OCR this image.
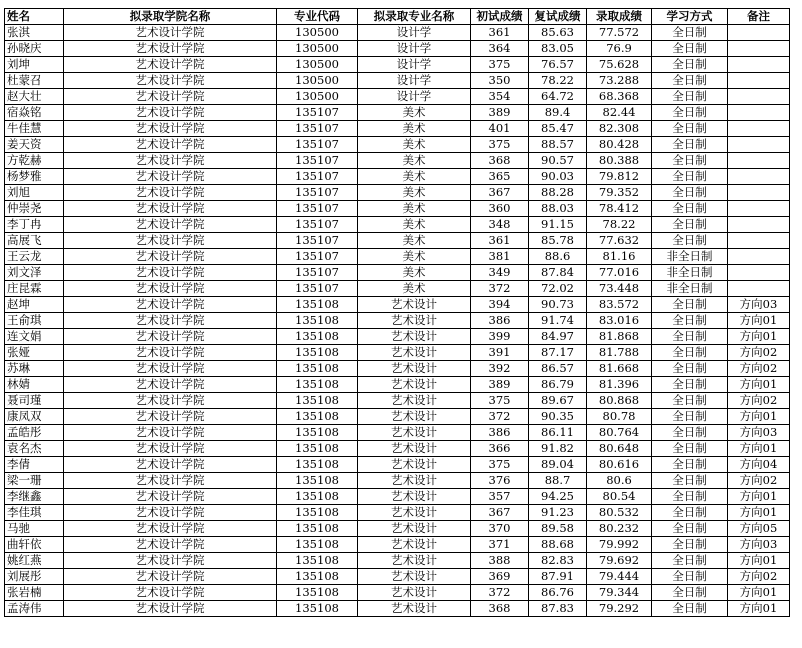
姓名	拟录取学院名称	专业代码	拟录取专业名称	初试成绩	复试成绩	录取成绩	学习方式	备注
张淇	艺术设计学院	130500	设计学	361	85.63	77.572	全日制	
孙晓庆	艺术设计学院	130500	设计学	364	83.05	76.9	全日制	
刘坤	艺术设计学院	130500	设计学	375	76.57	75.628	全日制	
杜蒙召	艺术设计学院	130500	设计学	350	78.22	73.288	全日制	
赵大壮	艺术设计学院	130500	设计学	354	64.72	68.368	全日制	
宿焱铭	艺术设计学院	135107	美术	389	89.4	82.44	全日制	
牛佳慧	艺术设计学院	135107	美术	401	85.47	82.308	全日制	
姜天资	艺术设计学院	135107	美术	375	88.57	80.428	全日制	
方乾赫	艺术设计学院	135107	美术	368	90.57	80.388	全日制	
杨梦雅	艺术设计学院	135107	美术	365	90.03	79.812	全日制	
刘旭	艺术设计学院	135107	美术	367	88.28	79.352	全日制	
仲崇尧	艺术设计学院	135107	美术	360	88.03	78.412	全日制	
李丁冉	艺术设计学院	135107	美术	348	91.15	78.22	全日制	
高展飞	艺术设计学院	135107	美术	361	85.78	77.632	全日制	
王云龙	艺术设计学院	135107	美术	381	88.6	81.16	非全日制	
刘文泽	艺术设计学院	135107	美术	349	87.84	77.016	非全日制	
庄昆霖	艺术设计学院	135107	美术	372	72.02	73.448	非全日制	
赵坤	艺术设计学院	135108	艺术设计	394	90.73	83.572	全日制	方向03
王俞琪	艺术设计学院	135108	艺术设计	386	91.74	83.016	全日制	方向01
连文娟	艺术设计学院	135108	艺术设计	399	84.97	81.868	全日制	方向01
张娅	艺术设计学院	135108	艺术设计	391	87.17	81.788	全日制	方向02
苏琳	艺术设计学院	135108	艺术设计	392	86.57	81.668	全日制	方向02
林婧	艺术设计学院	135108	艺术设计	389	86.79	81.396	全日制	方向01
聂司瑾	艺术设计学院	135108	艺术设计	375	89.67	80.868	全日制	方向02
康凤双	艺术设计学院	135108	艺术设计	372	90.35	80.78	全日制	方向01
孟皓彤	艺术设计学院	135108	艺术设计	386	86.11	80.764	全日制	方向03
袁名杰	艺术设计学院	135108	艺术设计	366	91.82	80.648	全日制	方向01
李倩	艺术设计学院	135108	艺术设计	375	89.04	80.616	全日制	方向04
梁一珊	艺术设计学院	135108	艺术设计	376	88.7	80.6	全日制	方向02
李继鑫	艺术设计学院	135108	艺术设计	357	94.25	80.54	全日制	方向01
李佳琪	艺术设计学院	135108	艺术设计	367	91.23	80.532	全日制	方向01
马驰	艺术设计学院	135108	艺术设计	370	89.58	80.232	全日制	方向05
曲轩依	艺术设计学院	135108	艺术设计	371	88.68	79.992	全日制	方向03
姚红燕	艺术设计学院	135108	艺术设计	388	82.83	79.692	全日制	方向01
刘展彤	艺术设计学院	135108	艺术设计	369	87.91	79.444	全日制	方向02
张岩楠	艺术设计学院	135108	艺术设计	372	86.76	79.344	全日制	方向01
孟涛伟	艺术设计学院	135108	艺术设计	368	87.83	79.292	全日制	方向01
